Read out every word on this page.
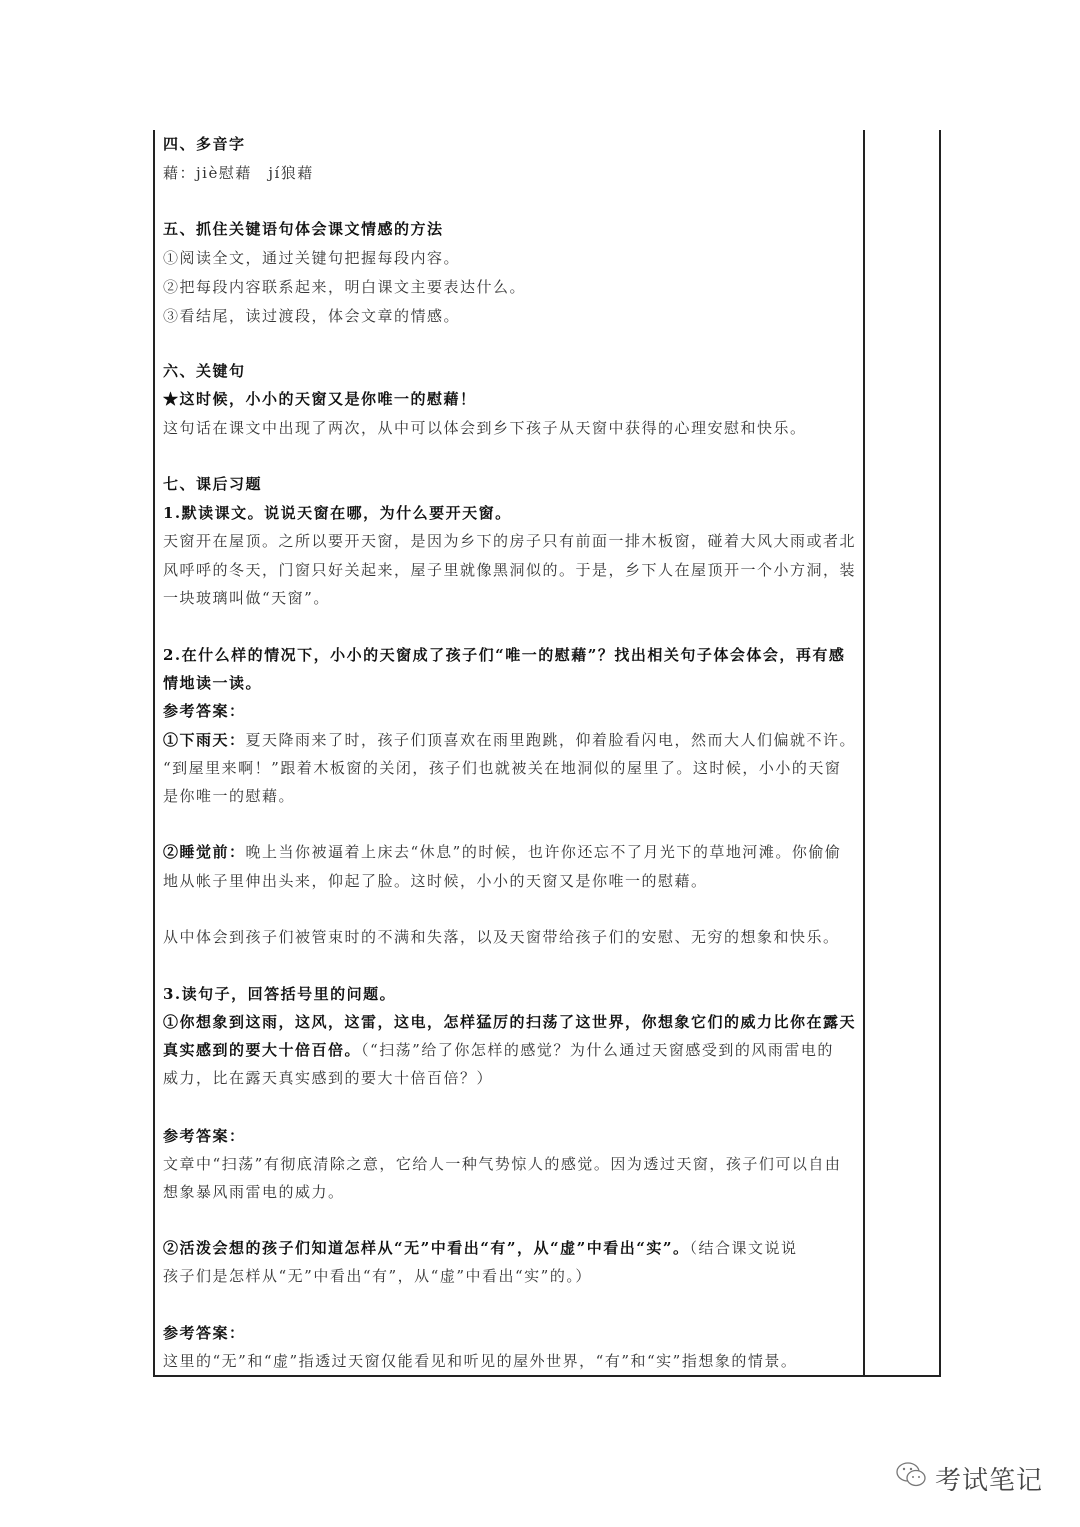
四、多音字
藉：jiè慰藉　jí狼藉
五、抓住关键语句体会课文情感的方法
①阅读全文，通过关键句把握每段内容。
②把每段内容联系起来，明白课文主要表达什么。
③看结尾，读过渡段，体会文章的情感。
六、关键句
★这时候，小小的天窗又是你唯一的慰藉！
这句话在课文中出现了两次，从中可以体会到乡下孩子从天窗中获得的心理安慰和快乐。
七、课后习题
1.默读课文。说说天窗在哪，为什么要开天窗。
天窗开在屋顶。之所以要开天窗，是因为乡下的房子只有前面一排木板窗，碰着大风大雨或者北
风呼呼的冬天，门窗只好关起来，屋子里就像黑洞似的。于是，乡下人在屋顶开一个小方洞，装
一块玻璃叫做“天窗”。
2.在什么样的情况下，小小的天窗成了孩子们“唯一的慰藉”？找出相关句子体会体会，再有感
情地读一读。
参考答案：
①下雨天：夏天降雨来了时，孩子们顶喜欢在雨里跑跳，仰着脸看闪电，然而大人们偏就不许。
“到屋里来啊！”跟着木板窗的关闭，孩子们也就被关在地洞似的屋里了。这时候，小小的天窗
是你唯一的慰藉。
②睡觉前：晚上当你被逼着上床去“休息”的时候，也许你还忘不了月光下的草地河滩。你偷偷
地从帐子里伸出头来，仰起了脸。这时候，小小的天窗又是你唯一的慰藉。
从中体会到孩子们被管束时的不满和失落，以及天窗带给孩子们的安慰、无穷的想象和快乐。
3.读句子，回答括号里的问题。
①你想象到这雨，这风，这雷，这电，怎样猛厉的扫荡了这世界，你想象它们的威力比你在露天
真实感到的要大十倍百倍。（“扫荡”给了你怎样的感觉？为什么通过天窗感受到的风雨雷电的
威力，比在露天真实感到的要大十倍百倍？）
参考答案：
文章中“扫荡”有彻底清除之意，它给人一种气势惊人的感觉。因为透过天窗，孩子们可以自由
想象暴风雨雷电的威力。
②活泼会想的孩子们知道怎样从“无”中看出“有”，从“虚”中看出“实”。（结合课文说说
孩子们是怎样从“无”中看出“有”，从“虚”中看出“实”的。）
参考答案：
这里的“无”和“虚”指透过天窗仅能看见和听见的屋外世界，“有”和“实”指想象的情景。
考试笔记
